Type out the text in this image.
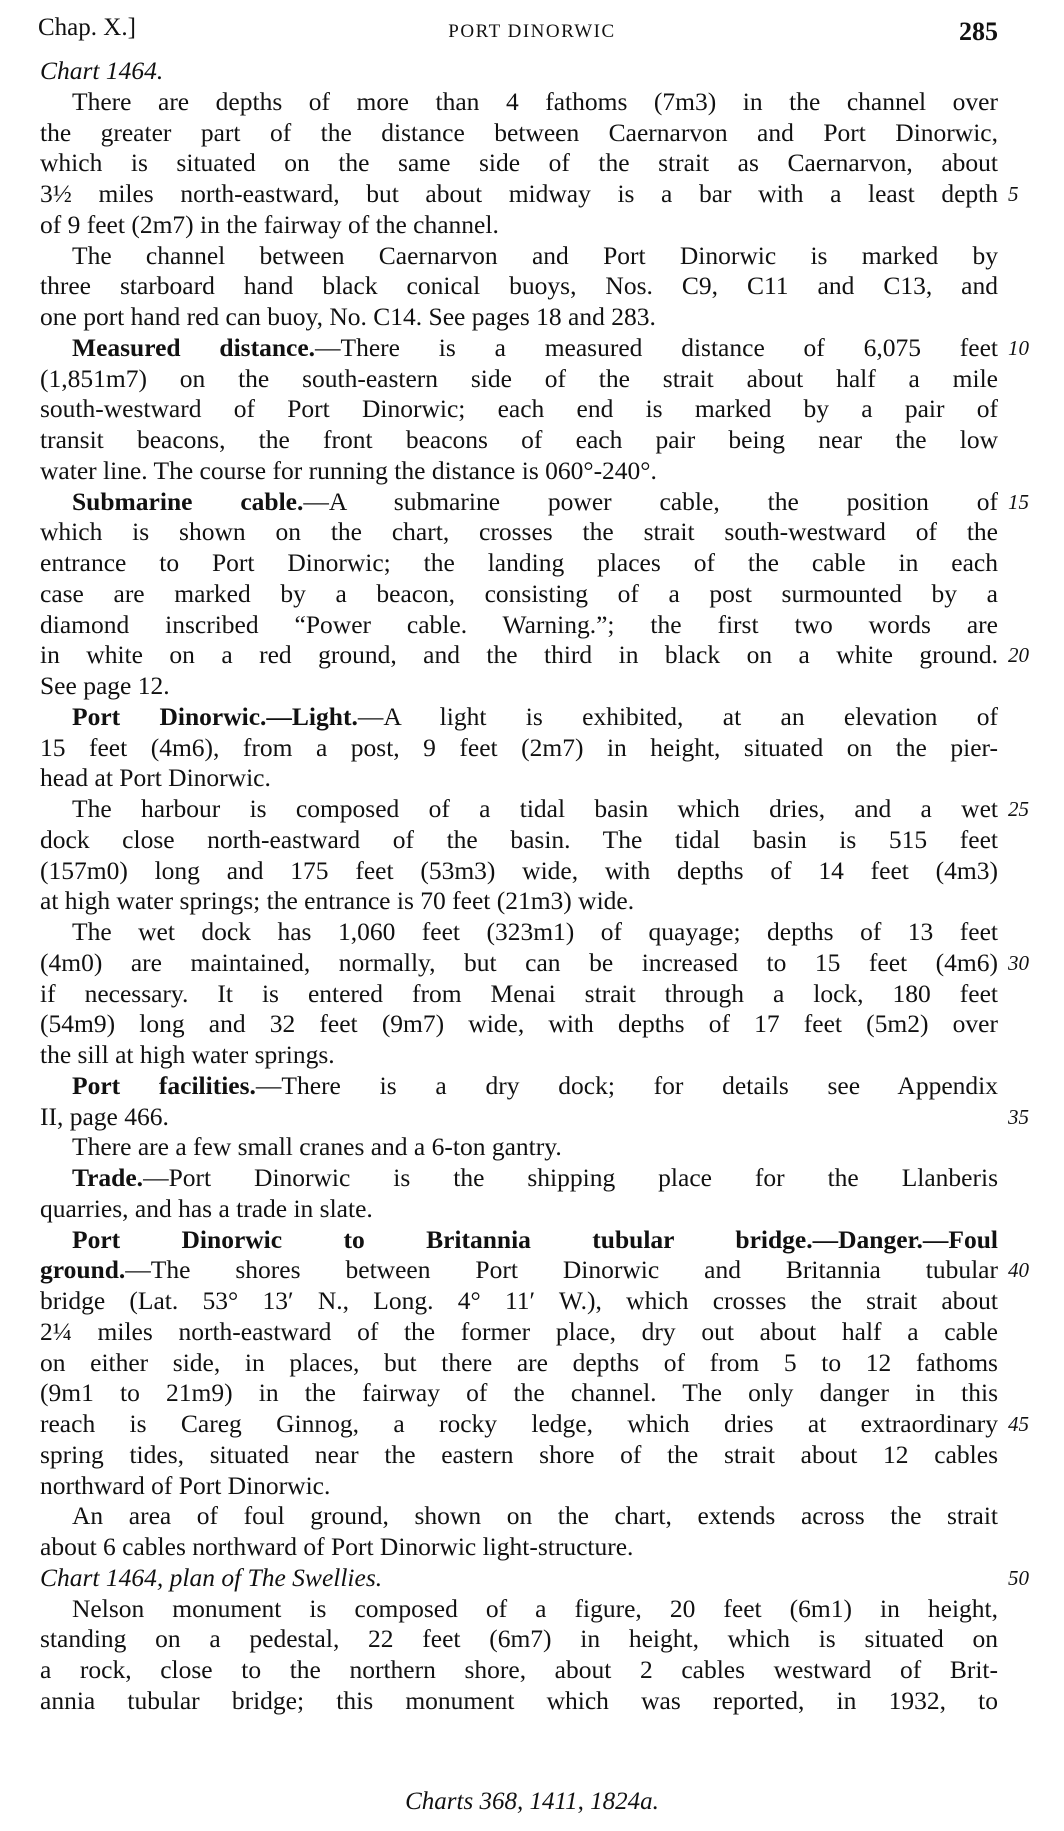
Chap. X.]	PORT DINORWIC	285
Chart 1464.
There are depths of more than 4 fathoms (7m3) in the channel over
the greater part of the distance between Caernarvon and Port Dinorwic,
which is situated on the same side of the strait as Caernarvon, about
3½ miles north-eastward, but about midway is a bar with a least depth 5
of 9 feet (2m7) in the fairway of the channel.
The channel between Caernarvon and Port Dinorwic is marked by
three starboard hand black conical buoys, Nos. C9, C11 and C13, and
one port hand red can buoy, No. C14. See pages 18 and 283.
Measured distance.—There is a measured distance of 6,075 feet 10
(1,851m7) on the south-eastern side of the strait about half a mile
south-westward of Port Dinorwic; each end is marked by a pair of
transit beacons, the front beacons of each pair being near the low
water line. The course for running the distance is 060°-240°.
Submarine cable.—A submarine power cable, the position of 15
which is shown on the chart, crosses the strait south-westward of the
entrance to Port Dinorwic; the landing places of the cable in each
case are marked by a beacon, consisting of a post surmounted by a
diamond inscribed “Power cable. Warning.”; the first two words are
in white on a red ground, and the third in black on a white ground. 20
See page 12.
Port Dinorwic.—Light.—A light is exhibited, at an elevation of
15 feet (4m6), from a post, 9 feet (2m7) in height, situated on the pier-
head at Port Dinorwic.
The harbour is composed of a tidal basin which dries, and a wet 25
dock close north-eastward of the basin. The tidal basin is 515 feet
(157m0) long and 175 feet (53m3) wide, with depths of 14 feet (4m3)
at high water springs; the entrance is 70 feet (21m3) wide.
The wet dock has 1,060 feet (323m1) of quayage; depths of 13 feet
(4m0) are maintained, normally, but can be increased to 15 feet (4m6) 30
if necessary. It is entered from Menai strait through a lock, 180 feet
(54m9) long and 32 feet (9m7) wide, with depths of 17 feet (5m2) over
the sill at high water springs.
Port facilities.—There is a dry dock; for details see Appendix
II, page 466.	35
There are a few small cranes and a 6-ton gantry.
Trade.—Port Dinorwic is the shipping place for the Llanberis
quarries, and has a trade in slate.
Port Dinorwic to Britannia tubular bridge.—Danger.—Foul
ground.—The shores between Port Dinorwic and Britannia tubular 40
bridge (Lat. 53° 13′ N., Long. 4° 11′ W.), which crosses the strait about
2¼ miles north-eastward of the former place, dry out about half a cable
on either side, in places, but there are depths of from 5 to 12 fathoms
(9m1 to 21m9) in the fairway of the channel. The only danger in this
reach is Careg Ginnog, a rocky ledge, which dries at extraordinary 45
spring tides, situated near the eastern shore of the strait about 12 cables
northward of Port Dinorwic.
An area of foul ground, shown on the chart, extends across the strait
about 6 cables northward of Port Dinorwic light-structure.
Chart 1464, plan of The Swellies.	50
Nelson monument is composed of a figure, 20 feet (6m1) in height,
standing on a pedestal, 22 feet (6m7) in height, which is situated on
a rock, close to the northern shore, about 2 cables westward of Brit-
annia tubular bridge; this monument which was reported, in 1932, to
Charts 368, 1411, 1824a.
